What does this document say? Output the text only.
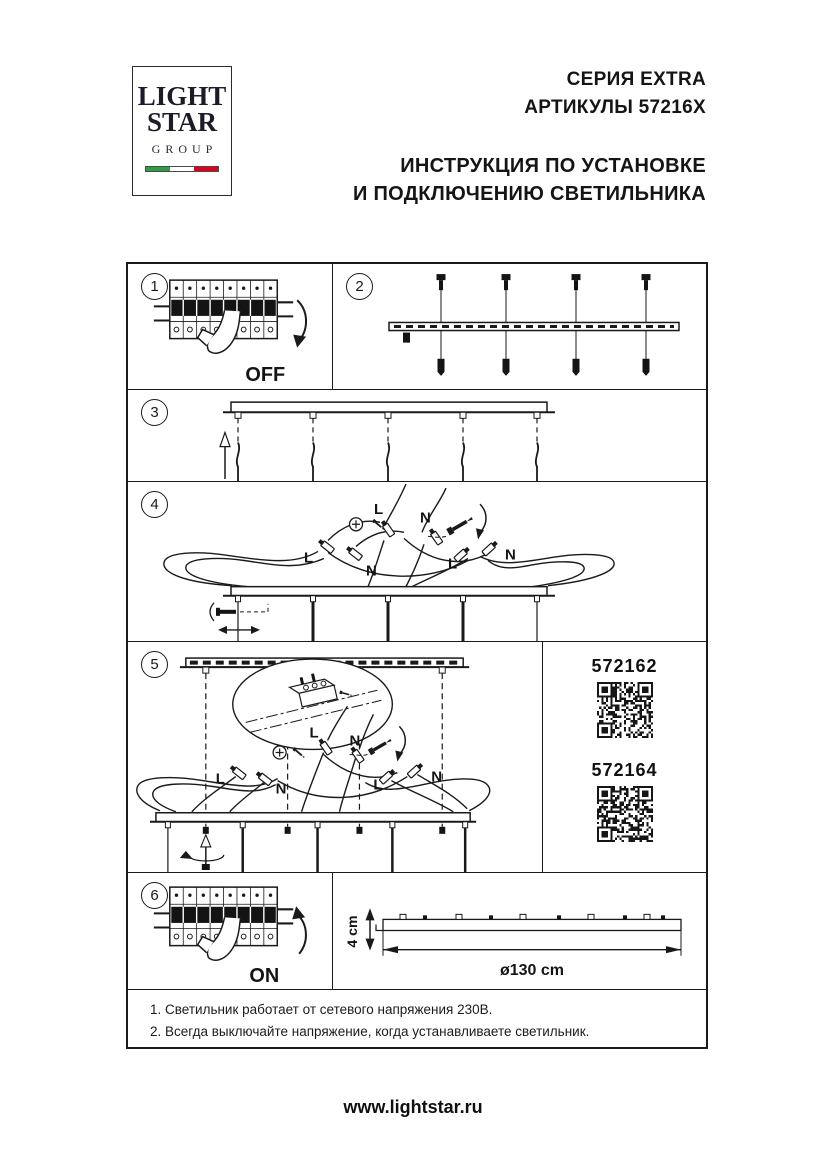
LIGHT
STAR
GROUP
СЕРИЯ EXTRA
АРТИКУЛЫ 57216X
ИНСТРУКЦИЯ ПО УСТАНОВКЕ
И ПОДКЛЮЧЕНИЮ СВЕТИЛЬНИКА
1
OFF
2
3
4
L
N
L N
L
N
5
L
N
L N
L	N
572162
572164
6
ON
4 cm
ø130 cm
1. Светильник работает от сетевого напряжения 230В.
2. Всегда выключайте напряжение, когда устанавливаете светильник.
www.lightstar.ru
